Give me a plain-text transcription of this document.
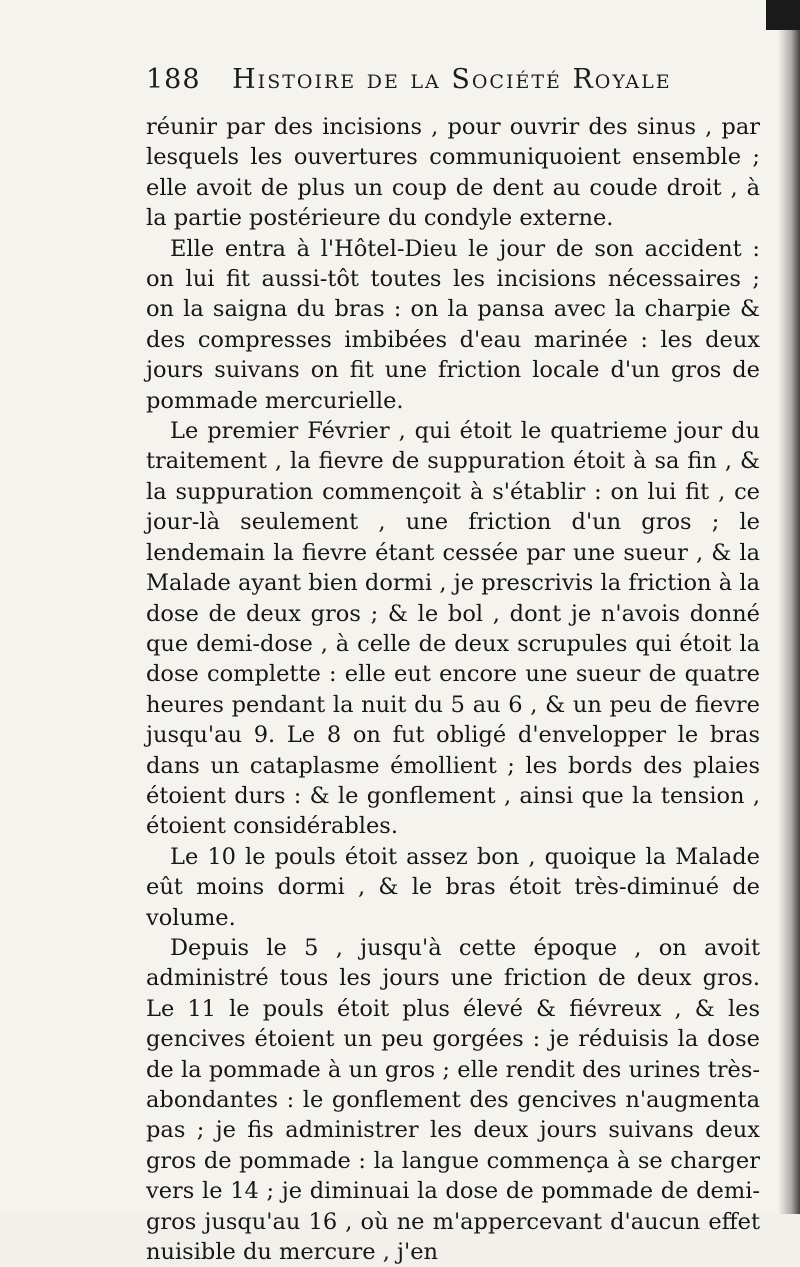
188 Histoire de la Société Royale

réunir par des incisions , pour ouvrir des sinus , par lesquels les ouvertures communiquoient ensemble ; elle avoit de plus un coup de dent au coude droit , à la partie postérieure du condyle externe.

Elle entra à l'Hôtel-Dieu le jour de son accident : on lui fit aussi-tôt toutes les incisions nécessaires ; on la saigna du bras : on la pansa avec la charpie & des compresses imbibées d'eau marinée : les deux jours suivans on fit une friction locale d'un gros de pommade mercurielle.

Le premier Février , qui étoit le quatrieme jour du traitement , la fievre de suppuration étoit à sa fin , & la suppuration commençoit à s'établir : on lui fit , ce jour-là seulement , une friction d'un gros ; le lendemain la fievre étant cessée par une sueur , & la Malade ayant bien dormi , je prescrivis la friction à la dose de deux gros ; & le bol , dont je n'avois donné que demi-dose , à celle de deux scrupules qui étoit la dose complette : elle eut encore une sueur de quatre heures pendant la nuit du 5 au 6 , & un peu de fievre jusqu'au 9. Le 8 on fut obligé d'envelopper le bras dans un cataplasme émollient ; les bords des plaies étoient durs : & le gonflement , ainsi que la tension , étoient considérables.

Le 10 le pouls étoit assez bon , quoique la Malade eût moins dormi , & le bras étoit très-diminué de volume.

Depuis le 5 , jusqu'à cette époque , on avoit administré tous les jours une friction de deux gros. Le 11 le pouls étoit plus élevé & fiévreux , & les gencives étoient un peu gorgées : je réduisis la dose de la pommade à un gros ; elle rendit des urines très-abondantes : le gonflement des gencives n'augmenta pas ; je fis administrer les deux jours suivans deux gros de pommade : la langue commença à se charger vers le 14 ; je diminuai la dose de pommade de demi-gros jusqu'au 16 , où ne m'appercevant d'aucun effet nuisible du mercure , j'en
